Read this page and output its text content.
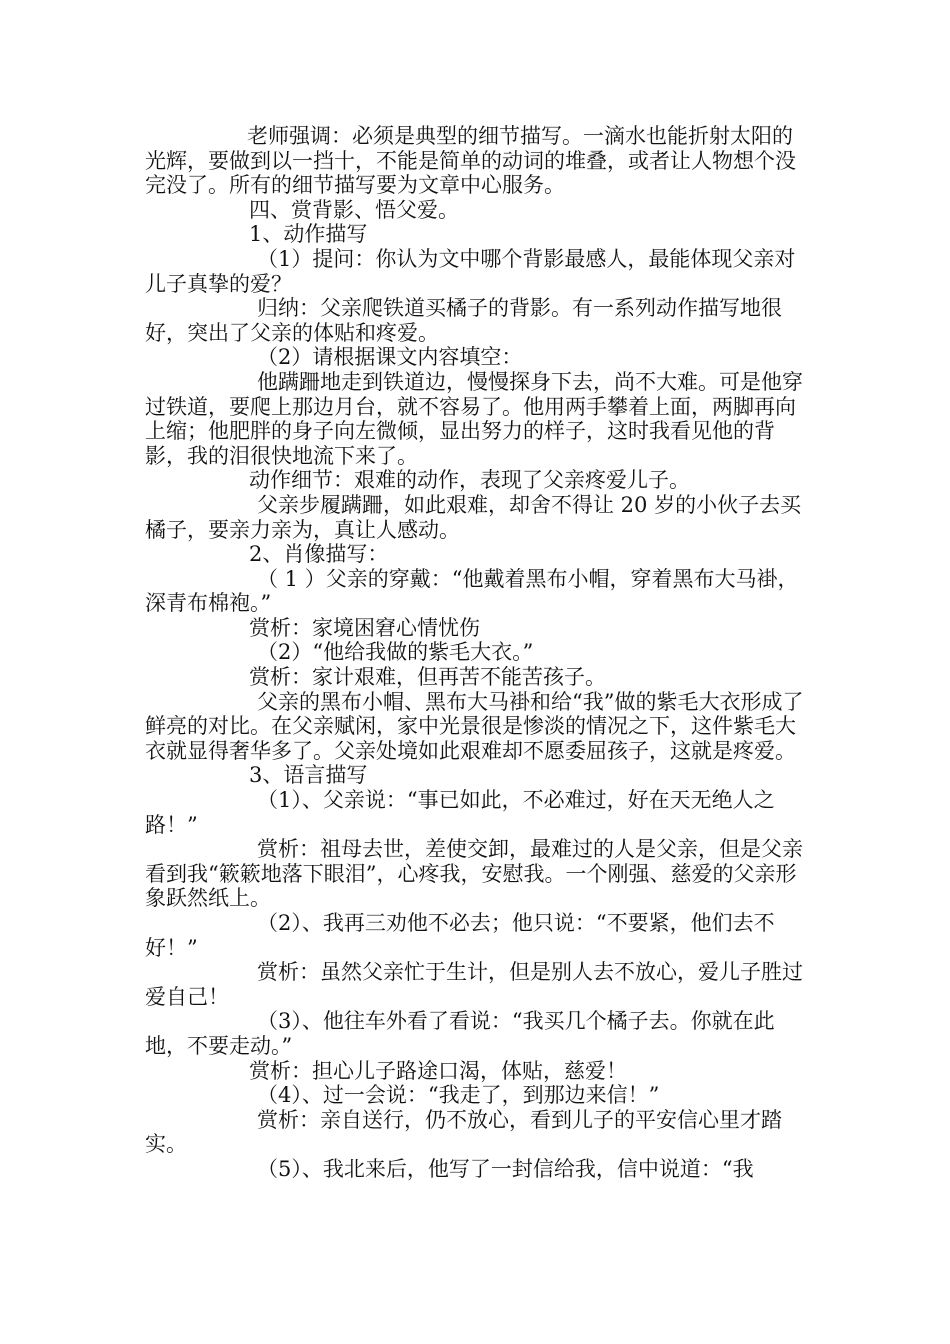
老师强调：必须是典型的细节描写。一滴水也能折射太阳的光辉，要做到以一挡十，不能是简单的动词的堆叠，或者让人物想个没完没了。所有的细节描写要为文章中心服务。

四、赏背影、悟父爱。

1、动作描写

（1）提问：你认为文中哪个背影最感人，最能体现父亲对儿子真挚的爱？

归纳：父亲爬铁道买橘子的背影。有一系列动作描写地很好，突出了父亲的体贴和疼爱。

（2）请根据课文内容填空：

他蹒跚地走到铁道边，慢慢探身下去，尚不大难。可是他穿过铁道，要爬上那边月台，就不容易了。他用两手攀着上面，两脚再向上缩；他肥胖的身子向左微倾，显出努力的样子，这时我看见他的背影，我的泪很快地流下来了。

动作细节：艰难的动作，表现了父亲疼爱儿子。

父亲步履蹒跚，如此艰难，却舍不得让 20 岁的小伙子去买橘子，要亲力亲为，真让人感动。

2、肖像描写：

（ 1 ）父亲的穿戴：“他戴着黑布小帽，穿着黑布大马褂，深青布棉袍。”

赏析：家境困窘心情忧伤

（2）“他给我做的紫毛大衣。”

赏析：家计艰难，但再苦不能苦孩子。

父亲的黑布小帽、黑布大马褂和给“我”做的紫毛大衣形成了鲜亮的对比。在父亲赋闲，家中光景很是惨淡的情况之下，这件紫毛大衣就显得奢华多了。父亲处境如此艰难却不愿委屈孩子，这就是疼爱。

3、语言描写

（1）、父亲说：“事已如此，不必难过，好在天无绝人之路！”

赏析：祖母去世，差使交卸，最难过的人是父亲，但是父亲看到我“簌簌地落下眼泪”，心疼我，安慰我。一个刚强、慈爱的父亲形象跃然纸上。

（2）、我再三劝他不必去；他只说：“不要紧，他们去不好！”

赏析：虽然父亲忙于生计，但是别人去不放心，爱儿子胜过爱自己！

（3）、他往车外看了看说：“我买几个橘子去。你就在此地，不要走动。”

赏析：担心儿子路途口渴，体贴，慈爱！

（4）、过一会说：“我走了，到那边来信！”

赏析：亲自送行，仍不放心，看到儿子的平安信心里才踏实。

（5）、我北来后，他写了一封信给我，信中说道：“我
